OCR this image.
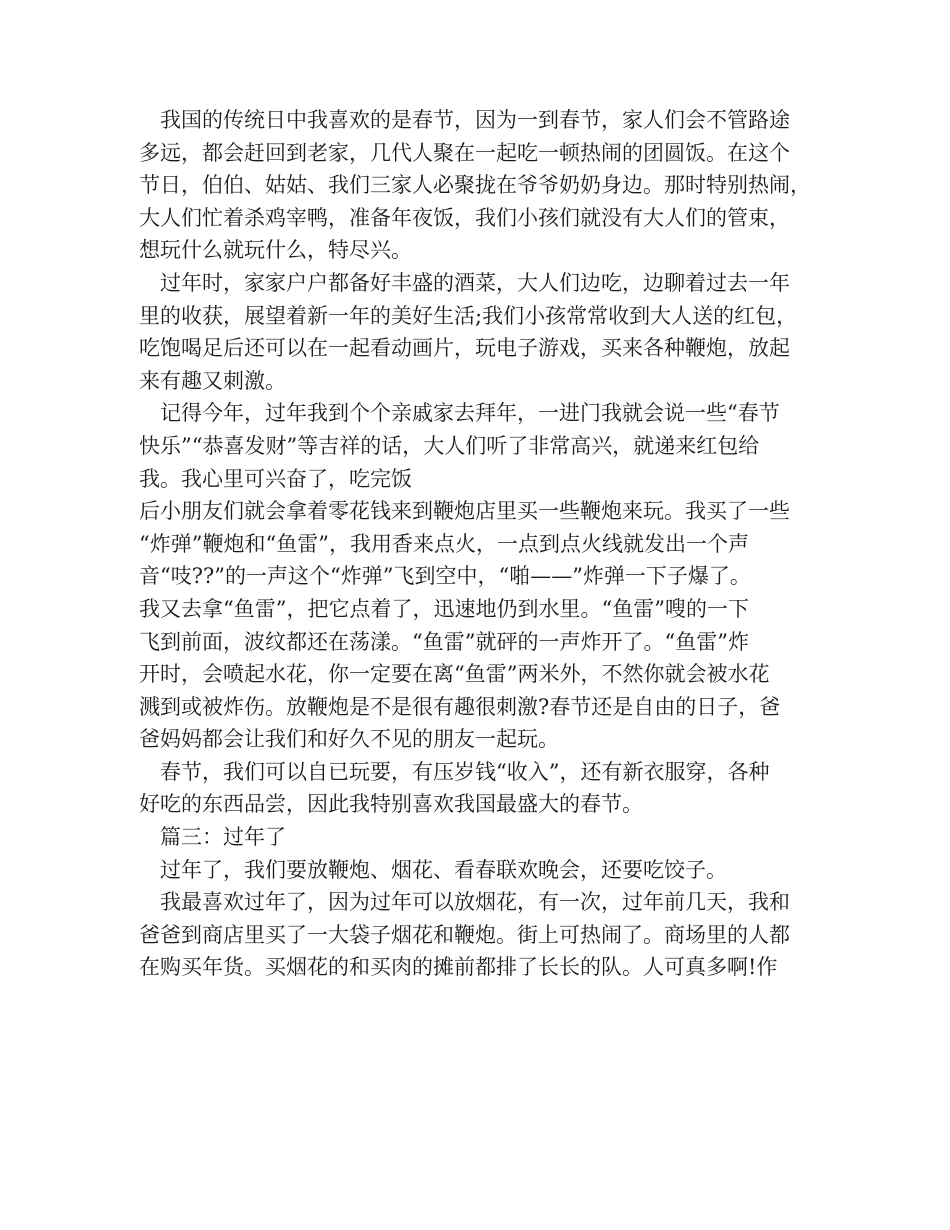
我国的传统日中我喜欢的是春节，因为一到春节，家人们会不管路途
多远，都会赶回到老家，几代人聚在一起吃一顿热闹的团圆饭。在这个
节日，伯伯、姑姑、我们三家人必聚拢在爷爷奶奶身边。那时特别热闹，
大人们忙着杀鸡宰鸭，准备年夜饭，我们小孩们就没有大人们的管束，
想玩什么就玩什么，特尽兴。
过年时，家家户户都备好丰盛的酒菜，大人们边吃，边聊着过去一年
里的收获，展望着新一年的美好生活;我们小孩常常收到大人送的红包，
吃饱喝足后还可以在一起看动画片，玩电子游戏，买来各种鞭炮，放起
来有趣又刺激。
记得今年，过年我到个个亲戚家去拜年，一进门我就会说一些“春节
快乐”“恭喜发财”等吉祥的话，大人们听了非常高兴，就递来红包给
我。我心里可兴奋了，吃完饭
后小朋友们就会拿着零花钱来到鞭炮店里买一些鞭炮来玩。我买了一些
“炸弹”鞭炮和“鱼雷”，我用香来点火，一点到点火线就发出一个声
音“吱??”的一声这个“炸弹”飞到空中，“啪——”炸弹一下子爆了。
我又去拿“鱼雷”，把它点着了，迅速地仍到水里。“鱼雷”嗖的一下
飞到前面，波纹都还在荡漾。“鱼雷”就砰的一声炸开了。“鱼雷”炸
开时，会喷起水花，你一定要在离“鱼雷”两米外，不然你就会被水花
溅到或被炸伤。放鞭炮是不是很有趣很刺激?春节还是自由的日子，爸
爸妈妈都会让我们和好久不见的朋友一起玩。
春节，我们可以自已玩要，有压岁钱“收入”，还有新衣服穿，各种
好吃的东西品尝，因此我特别喜欢我国最盛大的春节。
篇三：过年了
过年了，我们要放鞭炮、烟花、看春联欢晚会，还要吃饺子。
我最喜欢过年了，因为过年可以放烟花，有一次，过年前几天，我和
爸爸到商店里买了一大袋子烟花和鞭炮。街上可热闹了。商场里的人都
在购买年货。买烟花的和买肉的摊前都排了长长的队。人可真多啊!作
